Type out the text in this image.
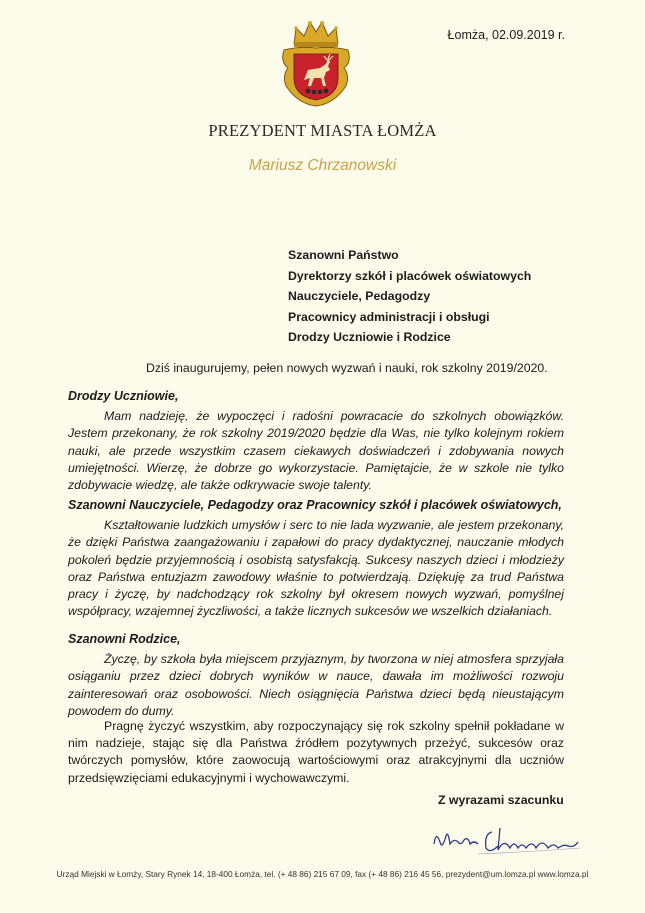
Łomża, 02.09.2019 r.
PREZYDENT MIASTA ŁOMŻA
Mariusz Chrzanowski
Szanowni Państwo
Dyrektorzy szkół i placówek oświatowych
Nauczyciele, Pedagodzy
Pracownicy administracji i obsługi
Drodzy Uczniowie i Rodzice
Dziś inaugurujemy, pełen nowych wyzwań i nauki, rok szkolny 2019/2020.
Drodzy Uczniowie,
Mam nadzieję, że wypoczęci i radośni powracacie do szkolnych obowiązków. Jestem przekonany, że rok szkolny 2019/2020 będzie dla Was, nie tylko kolejnym rokiem nauki, ale przede wszystkim czasem ciekawych doświadczeń i zdobywania nowych umiejętności. Wierzę, że dobrze go wykorzystacie. Pamiętajcie, że w szkole nie tylko zdobywacie wiedzę, ale także odkrywacie swoje talenty.
Szanowni Nauczyciele, Pedagodzy oraz Pracownicy szkół i placówek oświatowych,
Kształtowanie ludzkich umysłów i serc to nie lada wyzwanie, ale jestem przekonany, że dzięki Państwa zaangażowaniu i zapałowi do pracy dydaktycznej, nauczanie młodych pokoleń będzie przyjemnością i osobistą satysfakcją. Sukcesy naszych dzieci i młodzieży oraz Państwa entuzjazm zawodowy właśnie to potwierdzają. Dziękuję za trud Państwa pracy i życzę, by nadchodzący rok szkolny był okresem nowych wyzwań, pomyślnej współpracy, wzajemnej życzliwości, a także licznych sukcesów we wszelkich działaniach.
Szanowni Rodzice,
Życzę, by szkoła była miejscem przyjaznym, by tworzona w niej atmosfera sprzyjała osiąganiu przez dzieci dobrych wyników w nauce, dawała im możliwości rozwoju zainteresowań oraz osobowości. Niech osiągnięcia Państwa dzieci będą nieustającym powodem do dumy.
Pragnę życzyć wszystkim, aby rozpoczynający się rok szkolny spełnił pokładane w nim nadzieje, stając się dla Państwa źródłem pozytywnych przeżyć, sukcesów oraz twórczych pomysłów, które zaowocują wartościowymi oraz atrakcyjnymi dla uczniów przedsięwzięciami edukacyjnymi i wychowawczymi.
Z wyrazami szacunku
Urząd Miejski w Łomży, Stary Rynek 14, 18-400 Łomża, tel. (+ 48 86) 215 67 09, fax (+ 48 86) 216 45 56, prezydent@um.lomza.pl www.lomza.pl
